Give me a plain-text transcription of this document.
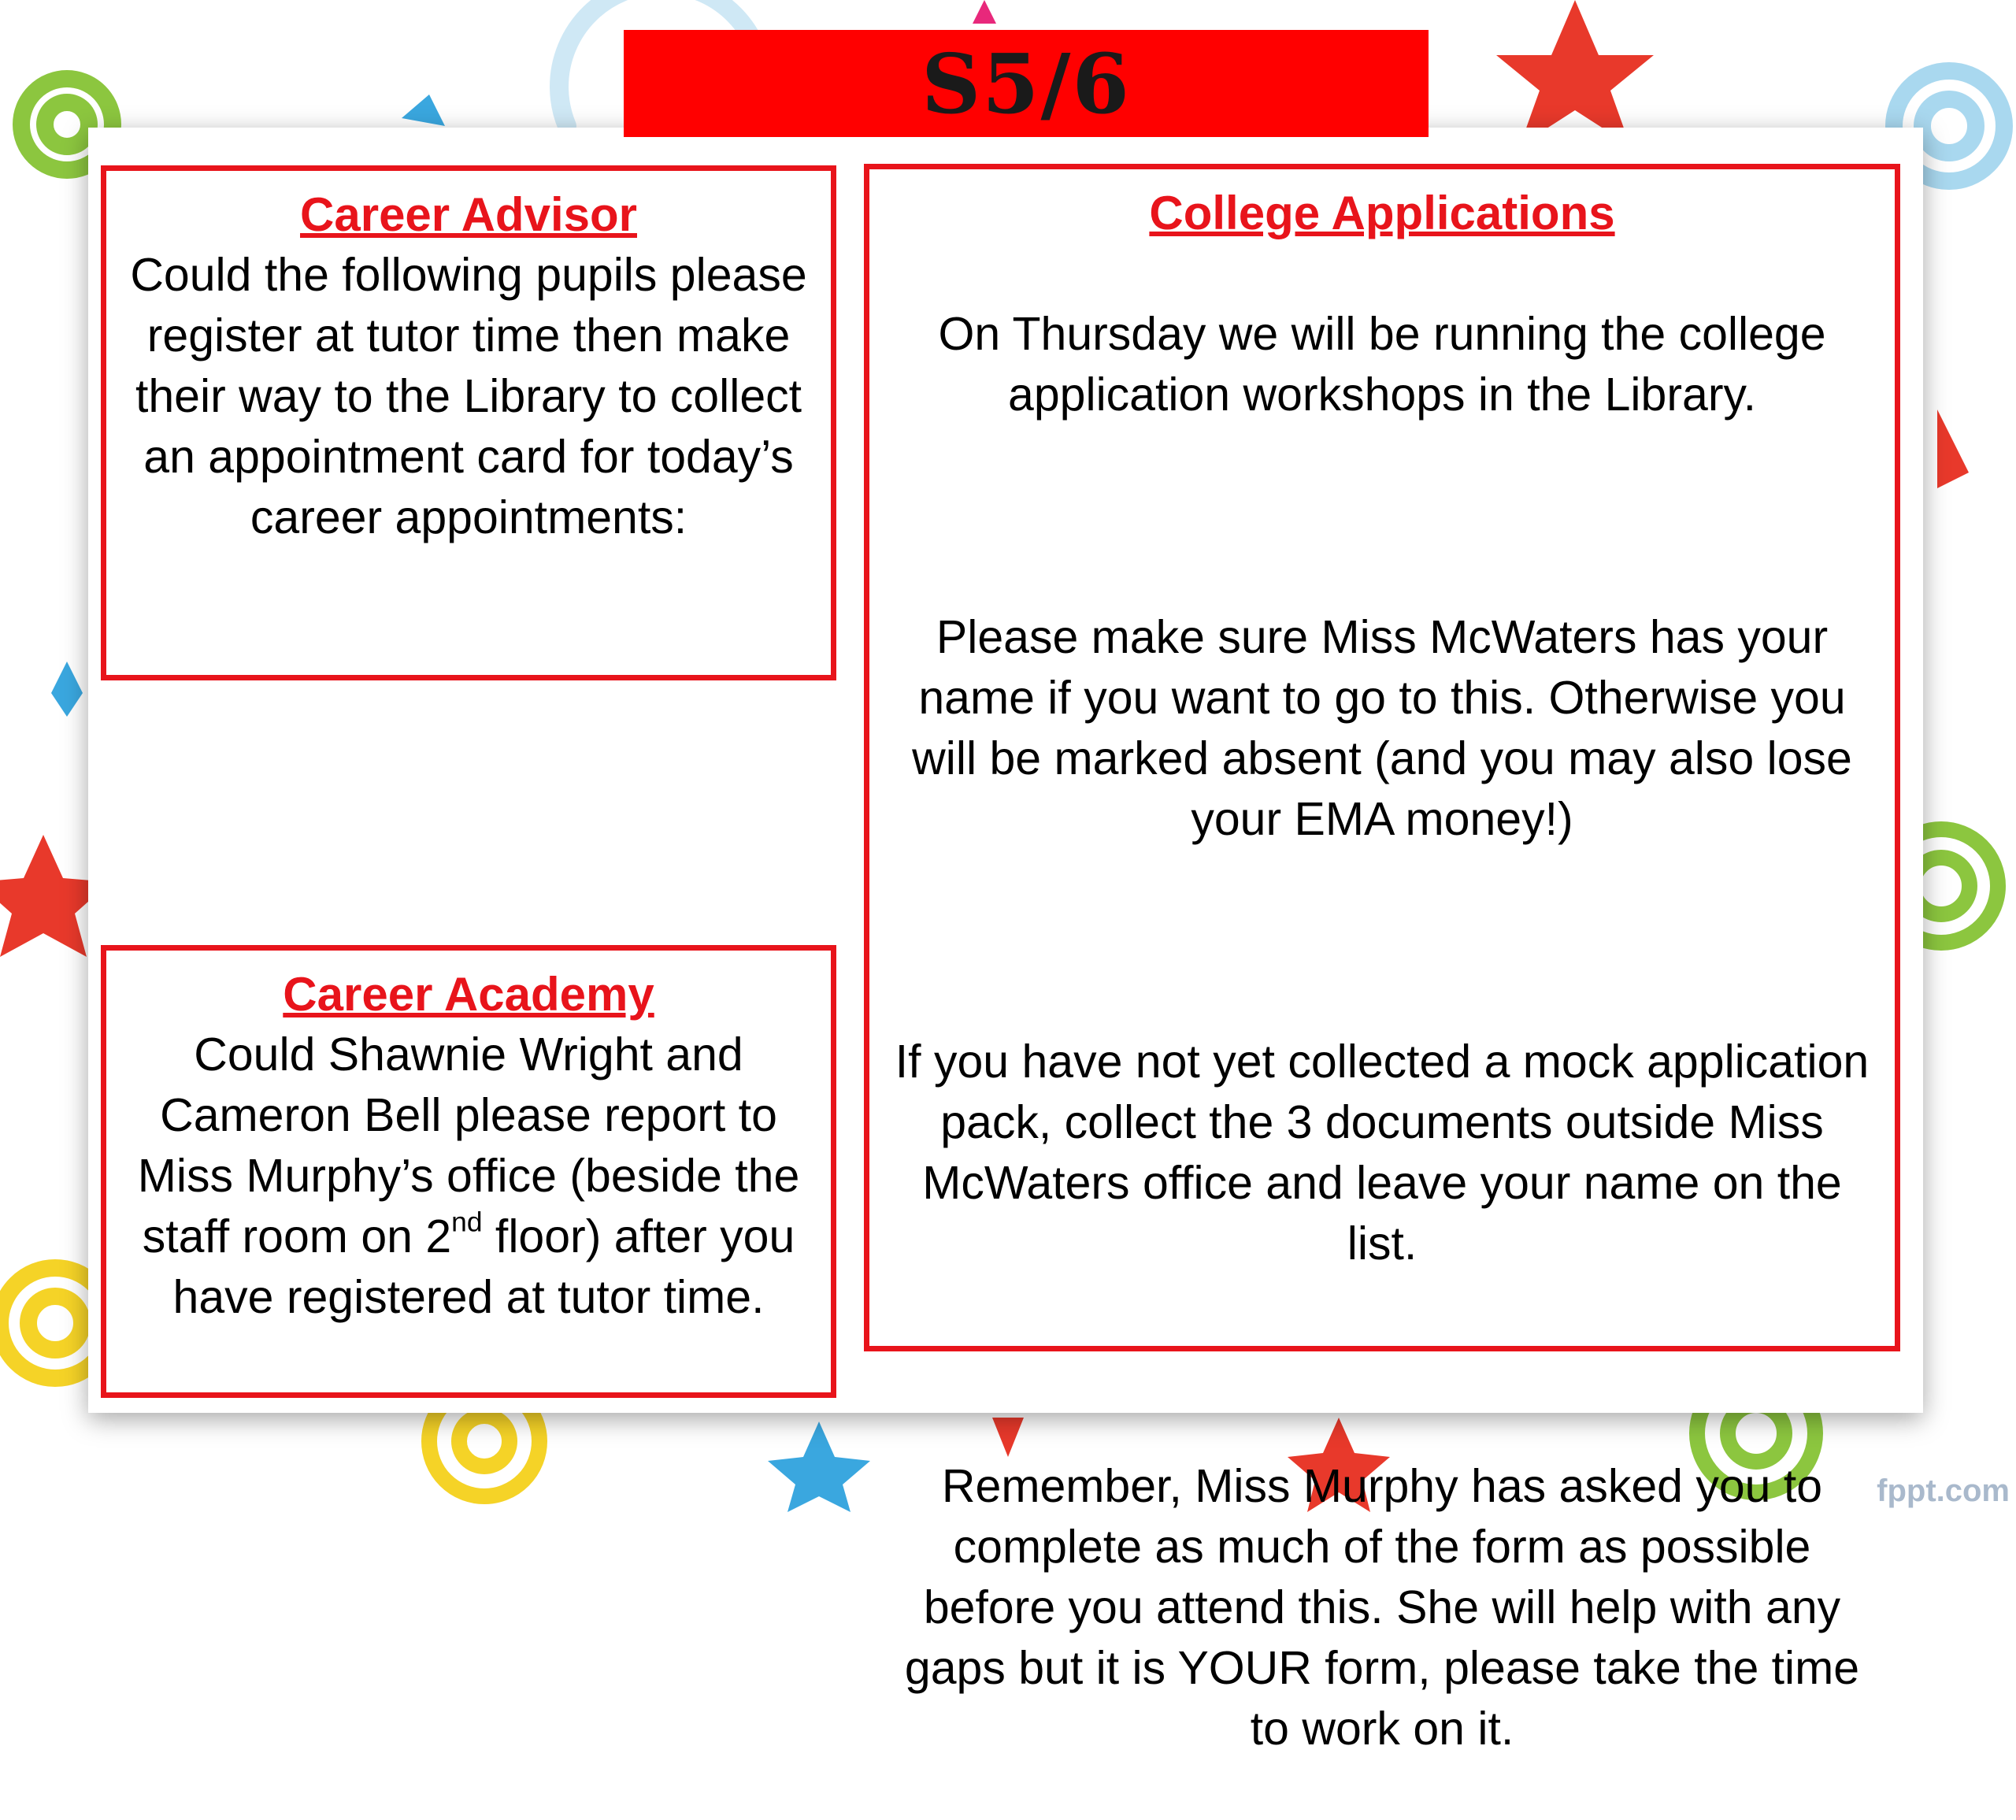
S5/6
Career Advisor
Could the following pupils please register at tutor time then make their way to the Library to collect an appointment card for today’s career appointments:
Career Academy
Could Shawnie Wright and Cameron Bell please report to Miss Murphy’s office (beside the staff room on 2nd floor) after you have registered at tutor time.
College Applications

On Thursday we will be running the college application workshops in the Library.

Please make sure Miss McWaters has your name if you want to go to this. Otherwise you will be marked absent (and you may also lose your EMA money!)

If you have not yet collected a mock application pack, collect the 3 documents outside Miss McWaters office and leave your name on the list.

Remember, Miss Murphy has asked you to complete as much of the form as possible before you attend this. She will help with any gaps but it is YOUR form, please take the time to work on it.

fppt.com
